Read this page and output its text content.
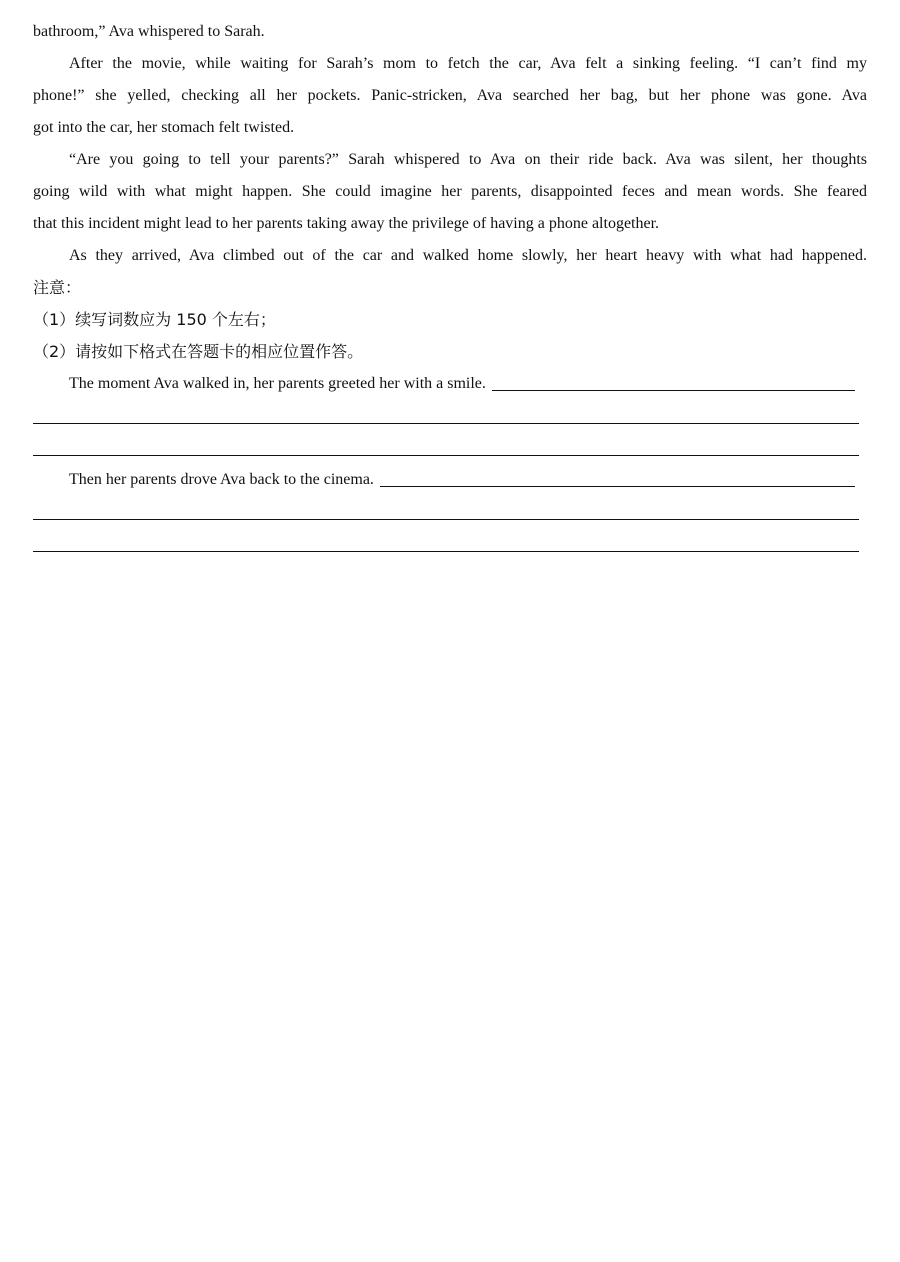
bathroom,” Ava whispered to Sarah.
After the movie, while waiting for Sarah’s mom to fetch the car, Ava felt a sinking feeling. “I can’t find my
phone!” she yelled, checking all her pockets. Panic-stricken, Ava searched her bag, but her phone was gone. Ava
got into the car, her stomach felt twisted.
“Are you going to tell your parents?” Sarah whispered to Ava on their ride back. Ava was silent, her thoughts
going wild with what might happen. She could imagine her parents, disappointed feces and mean words. She feared
that this incident might lead to her parents taking away the privilege of having a phone altogether.
As they arrived, Ava climbed out of the car and walked home slowly, her heart heavy with what had happened.
注意：
（1）续写词数应为 150 个左右；
（2）请按如下格式在答题卡的相应位置作答。
The moment Ava walked in, her parents greeted her with a smile.
Then her parents drove Ava back to the cinema.
